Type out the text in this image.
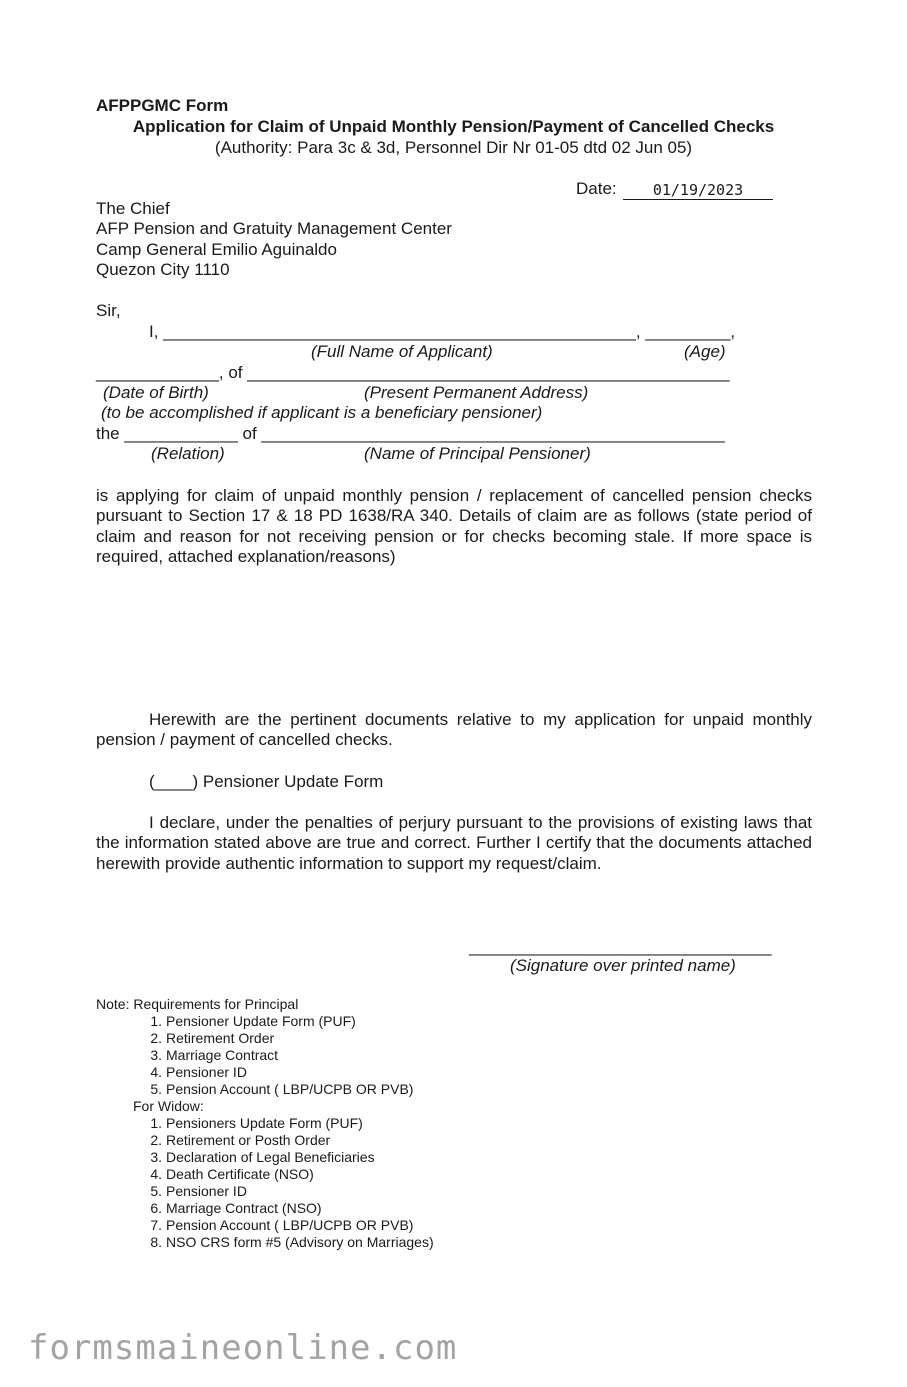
AFPPGMC Form
Application for Claim of Unpaid Monthly Pension/Payment of Cancelled Checks
(Authority: Para 3c & 3d, Personnel Dir Nr 01-05 dtd 02 Jun 05)
Date:	01/19/2023
The Chief
AFP Pension and Gratuity Management Center
Camp General Emilio Aguinaldo
Quezon City 1110
Sir,
I, __________________________________________________, _________,
(Full Name of Applicant)	(Age)
_____________, of ___________________________________________________
(Date of Birth)	(Present Permanent Address)
(to be accomplished if applicant is a beneficiary pensioner)
the ____________ of _________________________________________________
(Relation)	(Name of Principal Pensioner)
is applying for claim of unpaid monthly pension / replacement of cancelled pension checks pursuant to Section 17 & 18 PD 1638/RA 340. Details of claim are as follows (state period of claim and reason for not receiving pension or for checks becoming stale. If more space is required, attached explanation/reasons)
Herewith are the pertinent documents relative to my application for unpaid monthly pension / payment of cancelled checks.
(____) Pensioner Update Form
I declare, under the penalties of perjury pursuant to the provisions of existing laws that the information stated above are true and correct. Further I certify that the documents attached herewith provide authentic information to support my request/claim.
________________________________
(Signature over printed name)
Note: Requirements for Principal
1. Pensioner Update Form (PUF)
2. Retirement Order
3. Marriage Contract
4. Pensioner ID
5. Pension Account ( LBP/UCPB OR PVB)
For Widow:
1. Pensioners Update Form (PUF)
2. Retirement or Posth Order
3. Declaration of Legal Beneficiaries
4. Death Certificate (NSO)
5. Pensioner ID
6. Marriage Contract (NSO)
7. Pension Account ( LBP/UCPB OR PVB)
8. NSO CRS form #5 (Advisory on Marriages)
formsmaineonline.com
